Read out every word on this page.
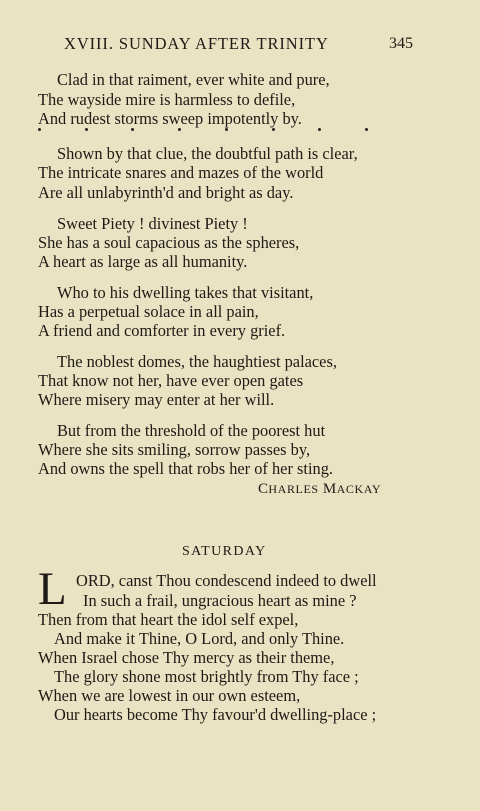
XVIII. SUNDAY AFTER TRINITY	345
Clad in that raiment, ever white and pure,
The wayside mire is harmless to defile,
And rudest storms sweep impotently by.
Shown by that clue, the doubtful path is clear,
The intricate snares and mazes of the world
Are all unlabyrinth'd and bright as day.
Sweet Piety ! divinest Piety !
She has a soul capacious as the spheres,
A heart as large as all humanity.
Who to his dwelling takes that visitant,
Has a perpetual solace in all pain,
A friend and comforter in every grief.
The noblest domes, the haughtiest palaces,
That know not her, have ever open gates
Where misery may enter at her will.
But from the threshold of the poorest hut
Where she sits smiling, sorrow passes by,
And owns the spell that robs her of her sting.
CHARLES MACKAY
SATURDAY
L ORD, canst Thou condescend indeed to dwell
In such a frail, ungracious heart as mine ?
Then from that heart the idol self expel,
And make it Thine, O Lord, and only Thine.
When Israel chose Thy mercy as their theme,
The glory shone most brightly from Thy face ;
When we are lowest in our own esteem,
Our hearts become Thy favour'd dwelling-place ;
